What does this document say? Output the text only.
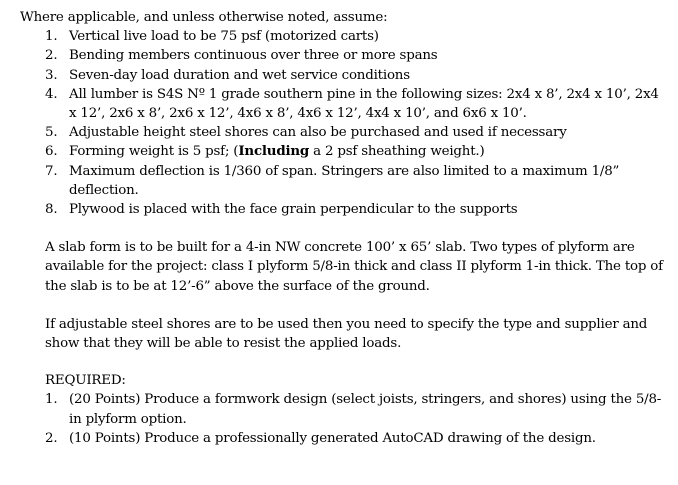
Where applicable, and unless otherwise noted, assume:

1. Vertical live load to be 75 psf (motorized carts)
2. Bending members continuous over three or more spans
3. Seven-day load duration and wet service conditions
4. All lumber is S4S Nº 1 grade southern pine in the following sizes: 2x4 x 8’, 2x4 x 10’, 2x4 x 12’, 2x6 x 8’, 2x6 x 12’, 4x6 x 8’, 4x6 x 12’, 4x4 x 10’, and 6x6 x 10’.
5. Adjustable height steel shores can also be purchased and used if necessary
6. Forming weight is 5 psf; (Including a 2 psf sheathing weight.)
7. Maximum deflection is 1/360 of span. Stringers are also limited to a maximum 1/8” deflection.
8. Plywood is placed with the face grain perpendicular to the supports

A slab form is to be built for a 4-in NW concrete 100’ x 65’ slab. Two types of plyform are available for the project: class I plyform 5/8-in thick and class II plyform 1-in thick. The top of the slab is to be at 12’-6” above the surface of the ground.

If adjustable steel shores are to be used then you need to specify the type and supplier and show that they will be able to resist the applied loads.

REQUIRED:

1. (20 Points) Produce a formwork design (select joists, stringers, and shores) using the 5/8-in plyform option.
2. (10 Points) Produce a professionally generated AutoCAD drawing of the design.
